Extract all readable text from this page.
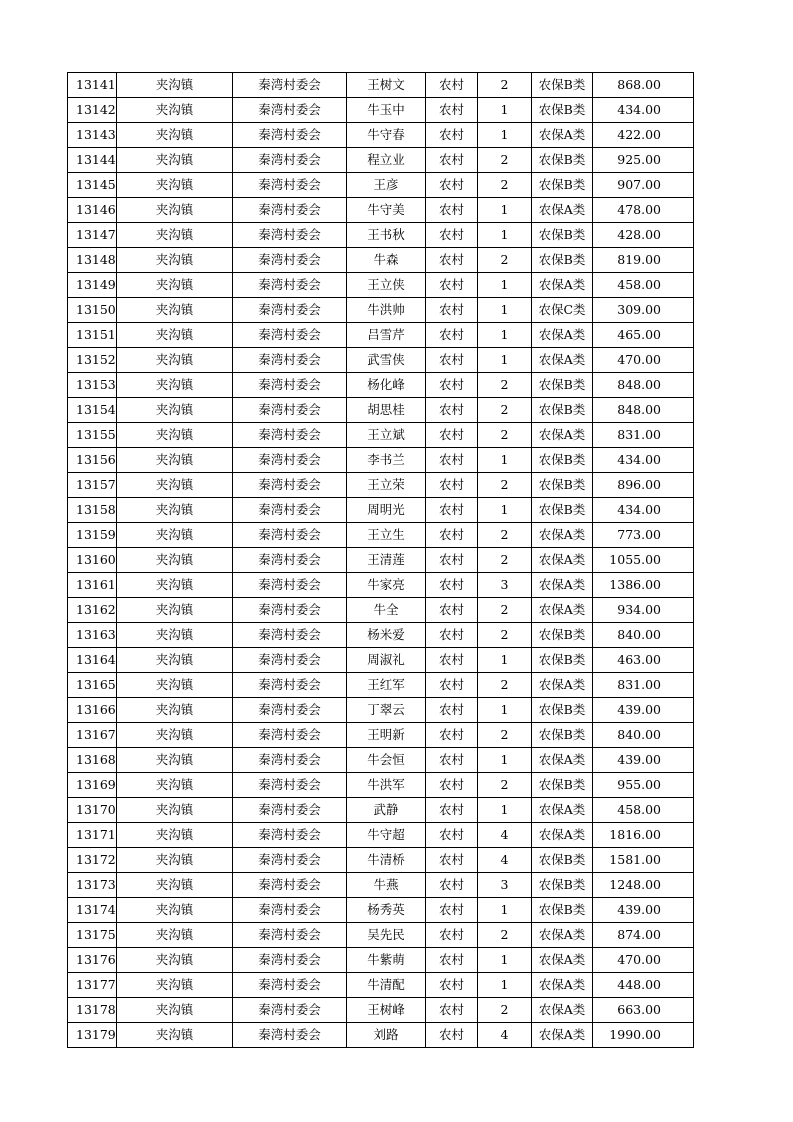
13141	夹沟镇	秦湾村委会	王树文	农村	2	农保B类	868.00
13142	夹沟镇	秦湾村委会	牛玉中	农村	1	农保B类	434.00
13143	夹沟镇	秦湾村委会	牛守春	农村	1	农保A类	422.00
13144	夹沟镇	秦湾村委会	程立业	农村	2	农保B类	925.00
13145	夹沟镇	秦湾村委会	王彦	农村	2	农保B类	907.00
13146	夹沟镇	秦湾村委会	牛守美	农村	1	农保A类	478.00
13147	夹沟镇	秦湾村委会	王书秋	农村	1	农保B类	428.00
13148	夹沟镇	秦湾村委会	牛森	农村	2	农保B类	819.00
13149	夹沟镇	秦湾村委会	王立侠	农村	1	农保A类	458.00
13150	夹沟镇	秦湾村委会	牛洪帅	农村	1	农保C类	309.00
13151	夹沟镇	秦湾村委会	吕雪芹	农村	1	农保A类	465.00
13152	夹沟镇	秦湾村委会	武雪侠	农村	1	农保A类	470.00
13153	夹沟镇	秦湾村委会	杨化峰	农村	2	农保B类	848.00
13154	夹沟镇	秦湾村委会	胡思桂	农村	2	农保B类	848.00
13155	夹沟镇	秦湾村委会	王立斌	农村	2	农保A类	831.00
13156	夹沟镇	秦湾村委会	李书兰	农村	1	农保B类	434.00
13157	夹沟镇	秦湾村委会	王立荣	农村	2	农保B类	896.00
13158	夹沟镇	秦湾村委会	周明光	农村	1	农保B类	434.00
13159	夹沟镇	秦湾村委会	王立生	农村	2	农保A类	773.00
13160	夹沟镇	秦湾村委会	王清莲	农村	2	农保A类	1055.00
13161	夹沟镇	秦湾村委会	牛家亮	农村	3	农保A类	1386.00
13162	夹沟镇	秦湾村委会	牛全	农村	2	农保A类	934.00
13163	夹沟镇	秦湾村委会	杨米爱	农村	2	农保B类	840.00
13164	夹沟镇	秦湾村委会	周淑礼	农村	1	农保B类	463.00
13165	夹沟镇	秦湾村委会	王红军	农村	2	农保A类	831.00
13166	夹沟镇	秦湾村委会	丁翠云	农村	1	农保B类	439.00
13167	夹沟镇	秦湾村委会	王明新	农村	2	农保B类	840.00
13168	夹沟镇	秦湾村委会	牛会恒	农村	1	农保A类	439.00
13169	夹沟镇	秦湾村委会	牛洪军	农村	2	农保B类	955.00
13170	夹沟镇	秦湾村委会	武静	农村	1	农保A类	458.00
13171	夹沟镇	秦湾村委会	牛守超	农村	4	农保A类	1816.00
13172	夹沟镇	秦湾村委会	牛清桥	农村	4	农保B类	1581.00
13173	夹沟镇	秦湾村委会	牛燕	农村	3	农保B类	1248.00
13174	夹沟镇	秦湾村委会	杨秀英	农村	1	农保B类	439.00
13175	夹沟镇	秦湾村委会	吴先民	农村	2	农保A类	874.00
13176	夹沟镇	秦湾村委会	牛紫萌	农村	1	农保A类	470.00
13177	夹沟镇	秦湾村委会	牛清配	农村	1	农保A类	448.00
13178	夹沟镇	秦湾村委会	王树峰	农村	2	农保A类	663.00
13179	夹沟镇	秦湾村委会	刘路	农村	4	农保A类	1990.00
